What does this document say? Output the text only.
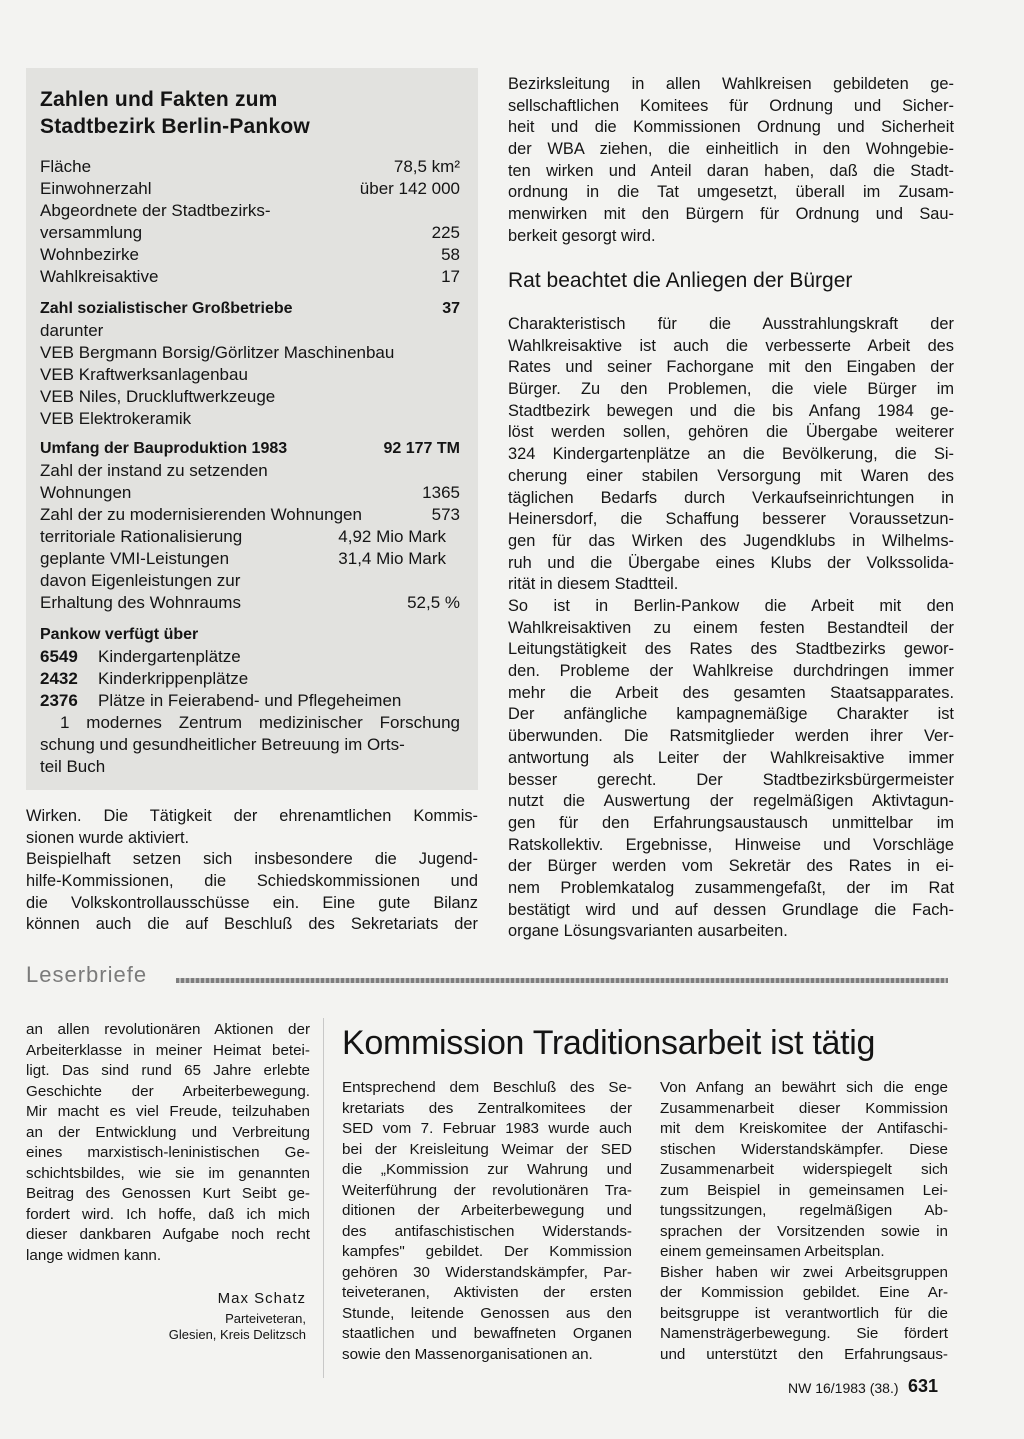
Zahlen und Fakten zum
Stadtbezirk Berlin-Pankow
Fläche	78,5 km²
Einwohnerzahl	über 142 000
Abgeordnete der Stadtbezirks-
versammlung	225
Wohnbezirke	58
Wahlkreisaktive	17
Zahl sozialistischer Großbetriebe	37
darunter
VEB Bergmann Borsig/Görlitzer Maschinenbau
VEB Kraftwerksanlagenbau
VEB Niles, Druckluftwerkzeuge
VEB Elektrokeramik
Umfang der Bauproduktion 1983	92 177 TM
Zahl der instand zu setzenden
Wohnungen	1365
Zahl der zu modernisierenden Wohnungen	573
territoriale Rationalisierung	4,92 Mio Mark
geplante VMI-Leistungen	31,4 Mio Mark
davon Eigenleistungen zur
Erhaltung des Wohnraums	52,5 %
Pankow verfügt über
6549 Kindergartenplätze
2432 Kinderkrippenplätze
2376 Plätze in Feierabend- und Pflegeheimen
1 modernes Zentrum medizinischer Forschung
schung und gesundheitlicher Betreuung im Orts-
teil Buch
Wirken. Die Tätigkeit der ehrenamtlichen Kommis-
sionen wurde aktiviert.
Beispielhaft setzen sich insbesondere die Jugend-
hilfe-Kommissionen, die Schiedskommissionen und
die Volkskontrollausschüsse ein. Eine gute Bilanz
können auch die auf Beschluß des Sekretariats der
Bezirksleitung in allen Wahlkreisen gebildeten ge-
sellschaftlichen Komitees für Ordnung und Sicher-
heit und die Kommissionen Ordnung und Sicherheit
der WBA ziehen, die einheitlich in den Wohngebie-
ten wirken und Anteil daran haben, daß die Stadt-
ordnung in die Tat umgesetzt, überall im Zusam-
menwirken mit den Bürgern für Ordnung und Sau-
berkeit gesorgt wird.
Rat beachtet die Anliegen der Bürger
Charakteristisch für die Ausstrahlungskraft der
Wahlkreisaktive ist auch die verbesserte Arbeit des
Rates und seiner Fachorgane mit den Eingaben der
Bürger. Zu den Problemen, die viele Bürger im
Stadtbezirk bewegen und die bis Anfang 1984 ge-
löst werden sollen, gehören die Übergabe weiterer
324 Kindergartenplätze an die Bevölkerung, die Si-
cherung einer stabilen Versorgung mit Waren des
täglichen Bedarfs durch Verkaufseinrichtungen in
Heinersdorf, die Schaffung besserer Voraussetzun-
gen für das Wirken des Jugendklubs in Wilhelms-
ruh und die Übergabe eines Klubs der Volkssolida-
rität in diesem Stadtteil.
So ist in Berlin-Pankow die Arbeit mit den
Wahlkreisaktiven zu einem festen Bestandteil der
Leitungstätigkeit des Rates des Stadtbezirks gewor-
den. Probleme der Wahlkreise durchdringen immer
mehr die Arbeit des gesamten Staatsapparates.
Der anfängliche kampagnemäßige Charakter ist
überwunden. Die Ratsmitglieder werden ihrer Ver-
antwortung als Leiter der Wahlkreisaktive immer
besser gerecht. Der Stadtbezirksbürgermeister
nutzt die Auswertung der regelmäßigen Aktivtagun-
gen für den Erfahrungsaustausch unmittelbar im
Ratskollektiv. Ergebnisse, Hinweise und Vorschläge
der Bürger werden vom Sekretär des Rates in ei-
nem Problemkatalog zusammengefaßt, der im Rat
bestätigt wird und auf dessen Grundlage die Fach-
organe Lösungsvarianten ausarbeiten.
Leserbriefe
an allen revolutionären Aktionen der
Arbeiterklasse in meiner Heimat betei-
ligt. Das sind rund 65 Jahre erlebte
Geschichte der Arbeiterbewegung.
Mir macht es viel Freude, teilzuhaben
an der Entwicklung und Verbreitung
eines marxistisch-leninistischen Ge-
schichtsbildes, wie sie im genannten
Beitrag des Genossen Kurt Seibt ge-
fordert wird. Ich hoffe, daß ich mich
dieser dankbaren Aufgabe noch recht
lange widmen kann.
Max Schatz
Parteiveteran,
Glesien, Kreis Delitzsch
Kommission Traditionsarbeit ist tätig
Entsprechend dem Beschluß des Se-
kretariats des Zentralkomitees der
SED vom 7. Februar 1983 wurde auch
bei der Kreisleitung Weimar der SED
die „Kommission zur Wahrung und
Weiterführung der revolutionären Tra-
ditionen der Arbeiterbewegung und
des antifaschistischen Widerstands-
kampfes" gebildet. Der Kommission
gehören 30 Widerstandskämpfer, Par-
teiveteranen, Aktivisten der ersten
Stunde, leitende Genossen aus den
staatlichen und bewaffneten Organen
sowie den Massenorganisationen an.
Von Anfang an bewährt sich die enge
Zusammenarbeit dieser Kommission
mit dem Kreiskomitee der Antifaschi-
stischen Widerstandskämpfer. Diese
Zusammenarbeit widerspiegelt sich
zum Beispiel in gemeinsamen Lei-
tungssitzungen, regelmäßigen Ab-
sprachen der Vorsitzenden sowie in
einem gemeinsamen Arbeitsplan.
Bisher haben wir zwei Arbeitsgruppen
der Kommission gebildet. Eine Ar-
beitsgruppe ist verantwortlich für die
Namensträgerbewegung. Sie fördert
und unterstützt den Erfahrungsaus-
NW 16/1983 (38.) 631
